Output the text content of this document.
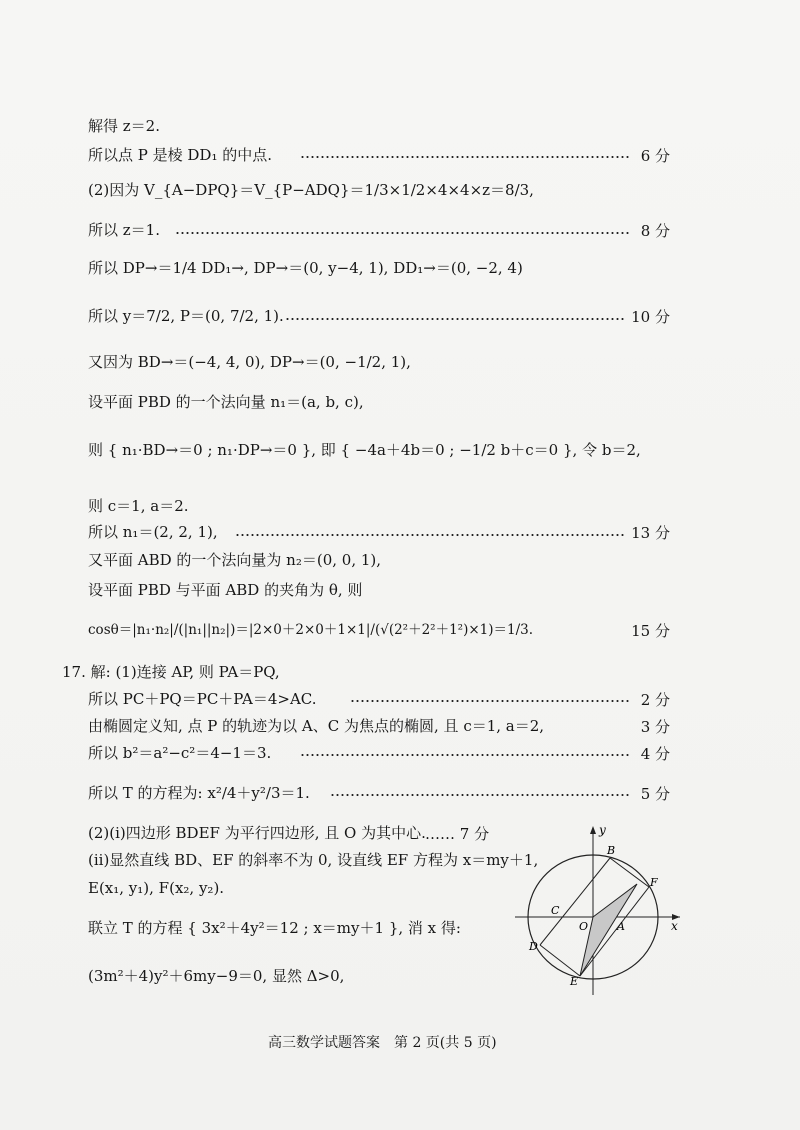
解得 z＝2.
所以点 P 是棱 DD₁ 的中点.	6 分
(2)因为 V_{A−DPQ}＝V_{P−ADQ}＝1/3×1/2×4×4×z＝8/3,
所以 z＝1.	8 分
所以 DP→＝1/4 DD₁→, DP→＝(0, y−4, 1), DD₁→＝(0, −2, 4)
所以 y＝7/2, P＝(0, 7/2, 1).	10 分
又因为 BD→＝(−4, 4, 0), DP→＝(0, −1/2, 1),
设平面 PBD 的一个法向量 n₁＝(a, b, c),
则 { n₁·BD→＝0 ; n₁·DP→＝0 }, 即 { −4a＋4b＝0 ; −1/2 b＋c＝0 }, 令 b＝2,
则 c＝1, a＝2.
所以 n₁＝(2, 2, 1),	13 分
又平面 ABD 的一个法向量为 n₂＝(0, 0, 1),
设平面 PBD 与平面 ABD 的夹角为 θ, 则
cosθ＝|n₁·n₂|/(|n₁||n₂|)＝|2×0＋2×0＋1×1|/(√(2²＋2²＋1²)×1)＝1/3.	15 分
17. 解: (1)连接 AP, 则 PA＝PQ,
所以 PC＋PQ＝PC＋PA＝4>AC.	2 分
由椭圆定义知, 点 P 的轨迹为以 A、C 为焦点的椭圆, 且 c＝1, a＝2,	3 分
所以 b²＝a²−c²＝4−1＝3.	4 分
所以 T 的方程为: x²/4＋y²/3＝1.	5 分
(2)(i)四边形 BDEF 为平行四边形, 且 O 为其中心. …… 7 分
(ii)显然直线 BD、EF 的斜率不为 0, 设直线 EF 方程为 x＝my＋1,
E(x₁, y₁), F(x₂, y₂).
联立 T 的方程 { 3x²＋4y²＝12 ; x＝my＋1 }, 消 x 得:
(3m²＋4)y²＋6my−9＝0, 显然 Δ>0,
y
x
B
F
C
O	A
D
E
高三数学试题答案　第 2 页(共 5 页)
